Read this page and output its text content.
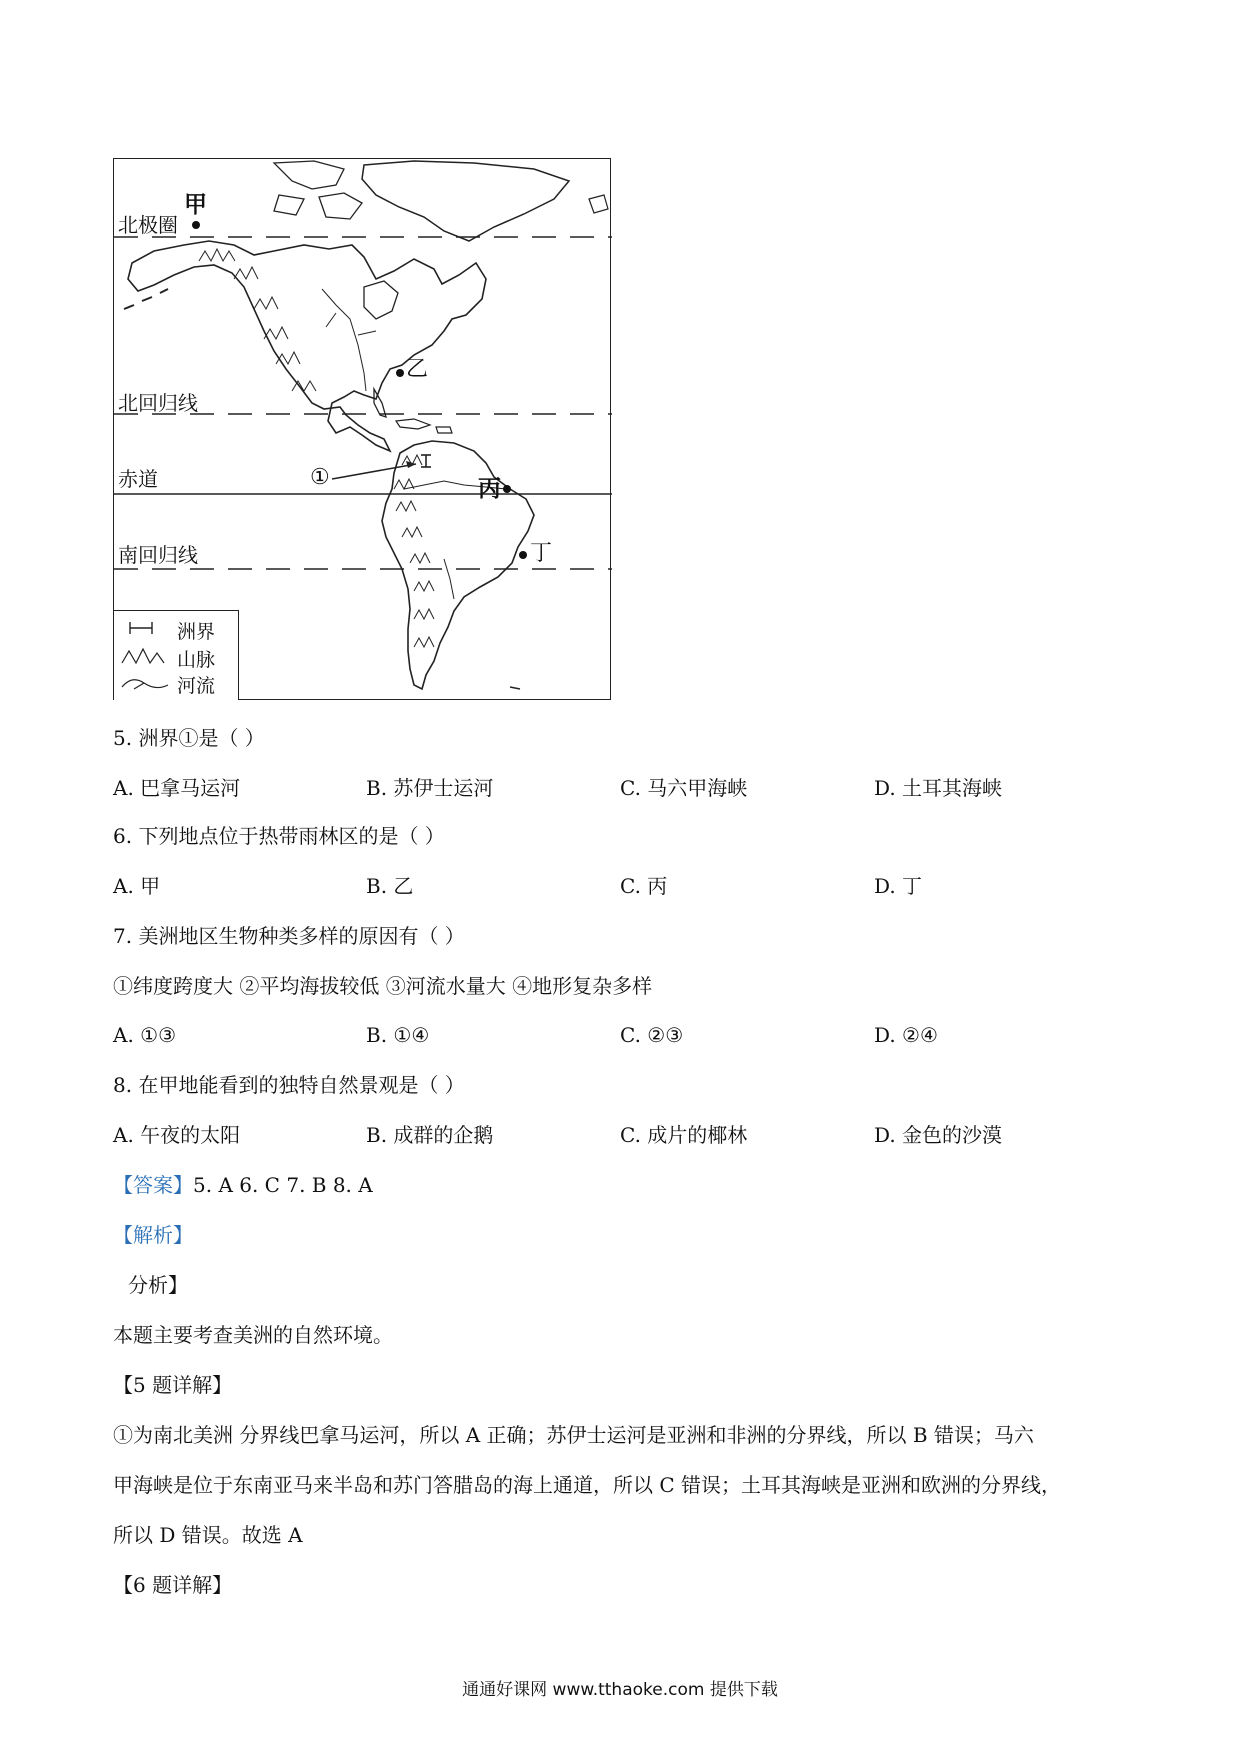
北极圈
北回归线
赤道
南回归线
甲
乙
丙
丁
①
洲界
山脉
河流
5. 洲界①是（ ）
A. 巴拿马运河	B. 苏伊士运河	C. 马六甲海峡	D. 土耳其海峡
6. 下列地点位于热带雨林区的是（ ）
A. 甲	B. 乙	C. 丙	D. 丁
7. 美洲地区生物种类多样的原因有（ ）
①纬度跨度大 ②平均海拔较低 ③河流水量大 ④地形复杂多样
A. ①③	B. ①④	C. ②③	D. ②④
8. 在甲地能看到的独特自然景观是（ ）
A. 午夜的太阳	B. 成群的企鹅	C. 成片的椰林	D. 金色的沙漠
【答案】5. A 6. C 7. B 8. A
【解析】
分析】
本题主要考查美洲的自然环境。
【5 题详解】
①为南北美洲 分界线巴拿马运河，所以 A 正确；苏伊士运河是亚洲和非洲的分界线，所以 B 错误；马六
甲海峡是位于东南亚马来半岛和苏门答腊岛的海上通道，所以 C 错误；土耳其海峡是亚洲和欧洲的分界线，
所以 D 错误。故选 A
【6 题详解】
通通好课网 www.tthaoke.com 提供下载
